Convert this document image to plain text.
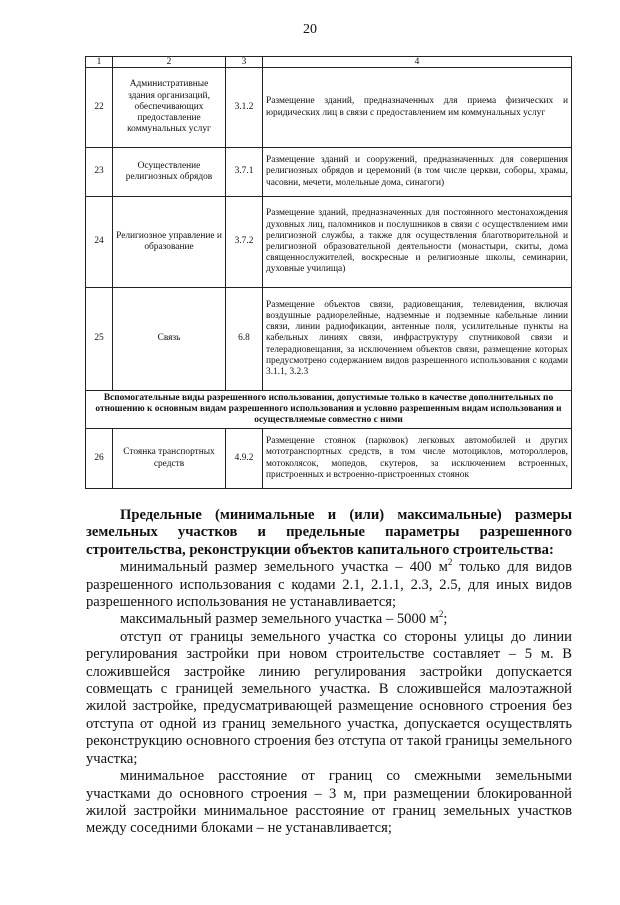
20
1	2	3	4
22	Административные здания организаций, обеспечивающих предоставление коммунальных услуг	3.1.2	Размещение зданий, предназначенных для приема физических и юридических лиц в связи с предоставлением им коммунальных услуг
23	Осуществление религиозных обрядов	3.7.1	Размещение зданий и сооружений, предназначенных для совершения религиозных обрядов и церемоний (в том числе церкви, соборы, храмы, часовни, мечети, молельные дома, синагоги)
24	Религиозное управление и образование	3.7.2	Размещение зданий, предназначенных для постоянного местонахождения духовных лиц, паломников и послушников в связи с осуществлением ими религиозной службы, а также для осуществления благотворительной и религиозной образовательной деятельности (монастыри, скиты, дома священнослужителей, воскресные и религиозные школы, семинарии, духовные училища)
25	Связь	6.8	Размещение объектов связи, радиовещания, телевидения, включая воздушные радиорелейные, надземные и подземные кабельные линии связи, линии радиофикации, антенные поля, усилительные пункты на кабельных линиях связи, инфраструктуру спутниковой связи и телерадиовещания, за исключением объектов связи, размещение которых предусмотрено содержанием видов разрешенного использования с кодами 3.1.1, 3.2.3
Вспомогательные виды разрешенного использования, допустимые только в качестве дополнительных по отношению к основным видам разрешенного использования и условно разрешенным видам использования и осуществляемые совместно с ними			
26	Стоянка транспортных средств	4.9.2	Размещение стоянок (парковок) легковых автомобилей и других мототранспортных средств, в том числе мотоциклов, мотороллеров, мотоколясок, мопедов, скутеров, за исключением встроенных, пристроенных и встроенно-пристроенных стоянок

Предельные (минимальные и (или) максимальные) размеры земельных участков и предельные параметры разрешенного строительства, реконструкции объектов капитального строительства:

минимальный размер земельного участка – 400 $м^2$ только для видов разрешенного использования с кодами 2.1, 2.1.1, 2.3, 2.5, для иных видов разрешенного использования не устанавливается;

максимальный размер земельного участка – 5000 $м^2$;

отступ от границы земельного участка со стороны улицы до линии регулирования застройки при новом строительстве составляет – 5 м. В сложившейся застройке линию регулирования застройки допускается совмещать с границей земельного участка. В сложившейся малоэтажной жилой застройке, предусматривающей размещение основного строения без отступа от одной из границ земельного участка, допускается осуществлять реконструкцию основного строения без отступа от такой границы земельного участка;

минимальное расстояние от границ со смежными земельными участками до основного строения – 3 м, при размещении блокированной жилой застройки минимальное расстояние от границ земельных участков между соседними блоками – не устанавливается;
